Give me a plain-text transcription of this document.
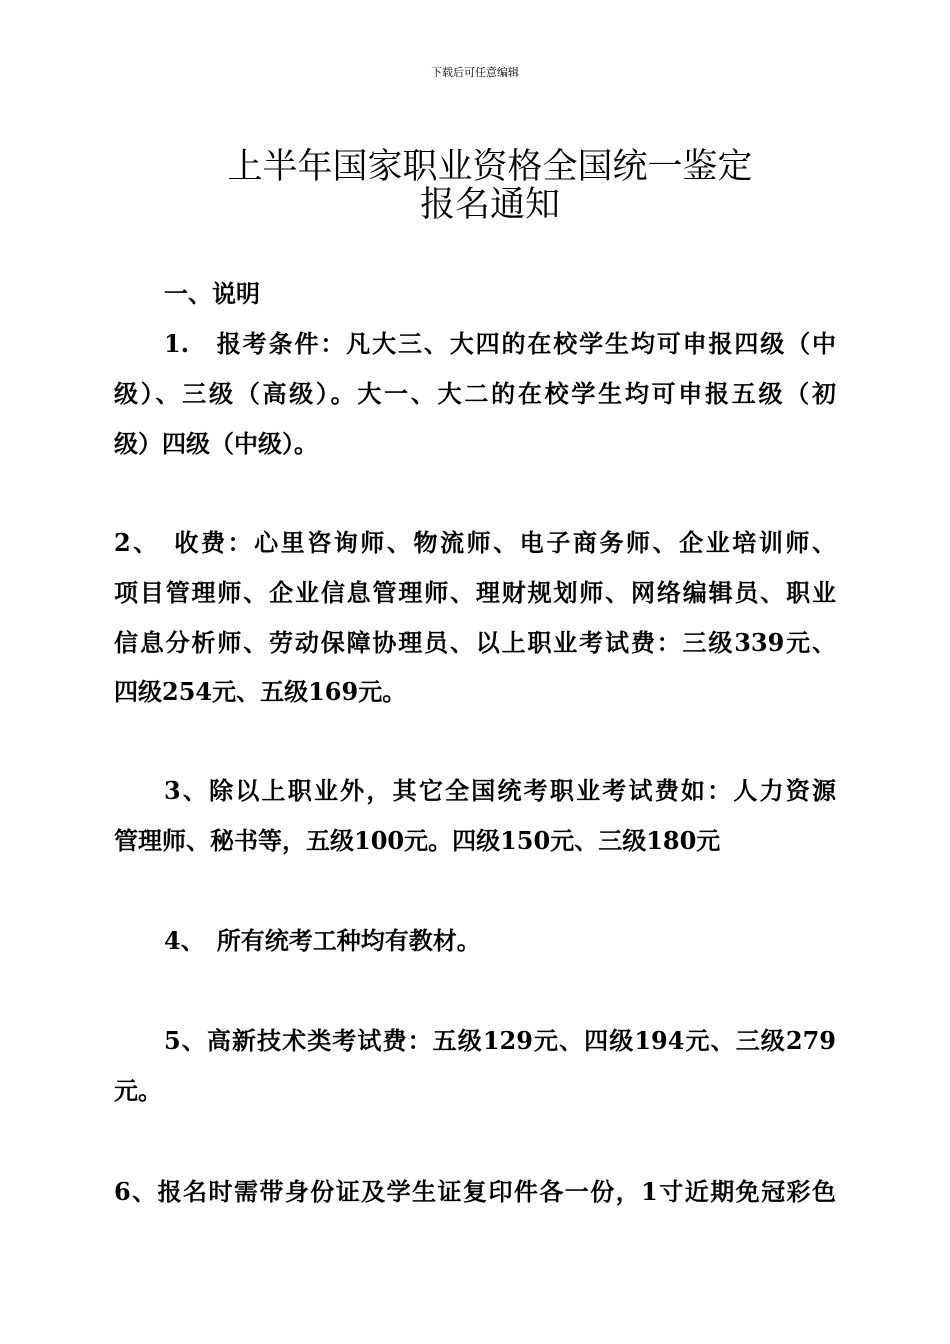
下载后可任意编辑
上半年国家职业资格全国统一鉴定
报名通知
一、说明
1.　报考条件：凡大三、大四的在校学生均可申报四级（中
级）、三级（高级）。大一、大二的在校学生均可申报五级（初
级）四级（中级）。
2、　收费：心里咨询师、物流师、电子商务师、企业培训师、
项目管理师、企业信息管理师、理财规划师、网络编辑员、职业
信息分析师、劳动保障协理员、以上职业考试费：三级339元、
四级254元、五级169元。
3、除以上职业外，其它全国统考职业考试费如：人力资源
管理师、秘书等，五级100元。四级150元、三级180元
4、　所有统考工种均有教材。
5、高新技术类考试费：五级129元、四级194元、三级279
元。
6、报名时需带身份证及学生证复印件各一份，1寸近期免冠彩色
